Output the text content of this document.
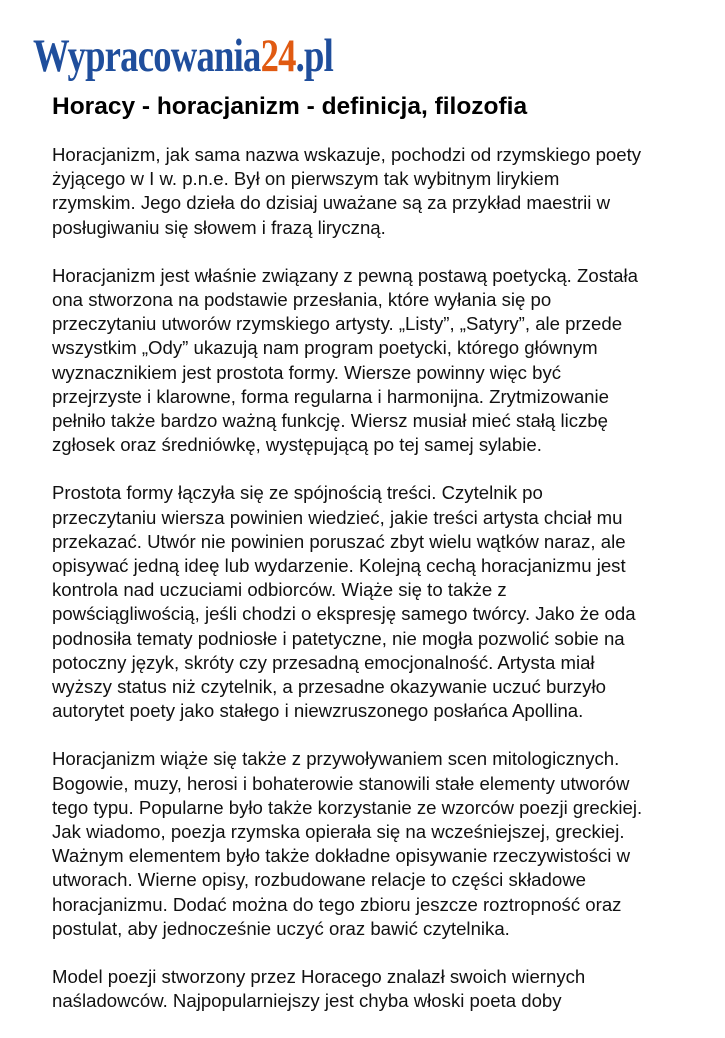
Wypracowania 24 .pl
Horacy - horacjanizm - definicja, filozofia
Horacjanizm, jak sama nazwa wskazuje, pochodzi od rzymskiego poety
żyjącego w I w. p.n.e. Był on pierwszym tak wybitnym lirykiem
rzymskim. Jego dzieła do dzisiaj uważane są za przykład maestrii w
posługiwaniu się słowem i frazą liryczną.
Horacjanizm jest właśnie związany z pewną postawą poetycką. Została
ona stworzona na podstawie przesłania, które wyłania się po
przeczytaniu utworów rzymskiego artysty. „Listy”, „Satyry”, ale przede
wszystkim „Ody” ukazują nam program poetycki, którego głównym
wyznacznikiem jest prostota formy. Wiersze powinny więc być
przejrzyste i klarowne, forma regularna i harmonijna. Zrytmizowanie
pełniło także bardzo ważną funkcję. Wiersz musiał mieć stałą liczbę
zgłosek oraz średniówkę, występującą po tej samej sylabie.
Prostota formy łączyła się ze spójnością treści. Czytelnik po
przeczytaniu wiersza powinien wiedzieć, jakie treści artysta chciał mu
przekazać. Utwór nie powinien poruszać zbyt wielu wątków naraz, ale
opisywać jedną ideę lub wydarzenie. Kolejną cechą horacjanizmu jest
kontrola nad uczuciami odbiorców. Wiąże się to także z
powściągliwością, jeśli chodzi o ekspresję samego twórcy. Jako że oda
podnosiła tematy podniosłe i patetyczne, nie mogła pozwolić sobie na
potoczny język, skróty czy przesadną emocjonalność. Artysta miał
wyższy status niż czytelnik, a przesadne okazywanie uczuć burzyło
autorytet poety jako stałego i niewzruszonego posłańca Apollina.
Horacjanizm wiąże się także z przywoływaniem scen mitologicznych.
Bogowie, muzy, herosi i bohaterowie stanowili stałe elementy utworów
tego typu. Popularne było także korzystanie ze wzorców poezji greckiej.
Jak wiadomo, poezja rzymska opierała się na wcześniejszej, greckiej.
Ważnym elementem było także dokładne opisywanie rzeczywistości w
utworach. Wierne opisy, rozbudowane relacje to części składowe
horacjanizmu. Dodać można do tego zbioru jeszcze roztropność oraz
postulat, aby jednocześnie uczyć oraz bawić czytelnika.
Model poezji stworzony przez Horacego znalazł swoich wiernych
naśladowców. Najpopularniejszy jest chyba włoski poeta doby
